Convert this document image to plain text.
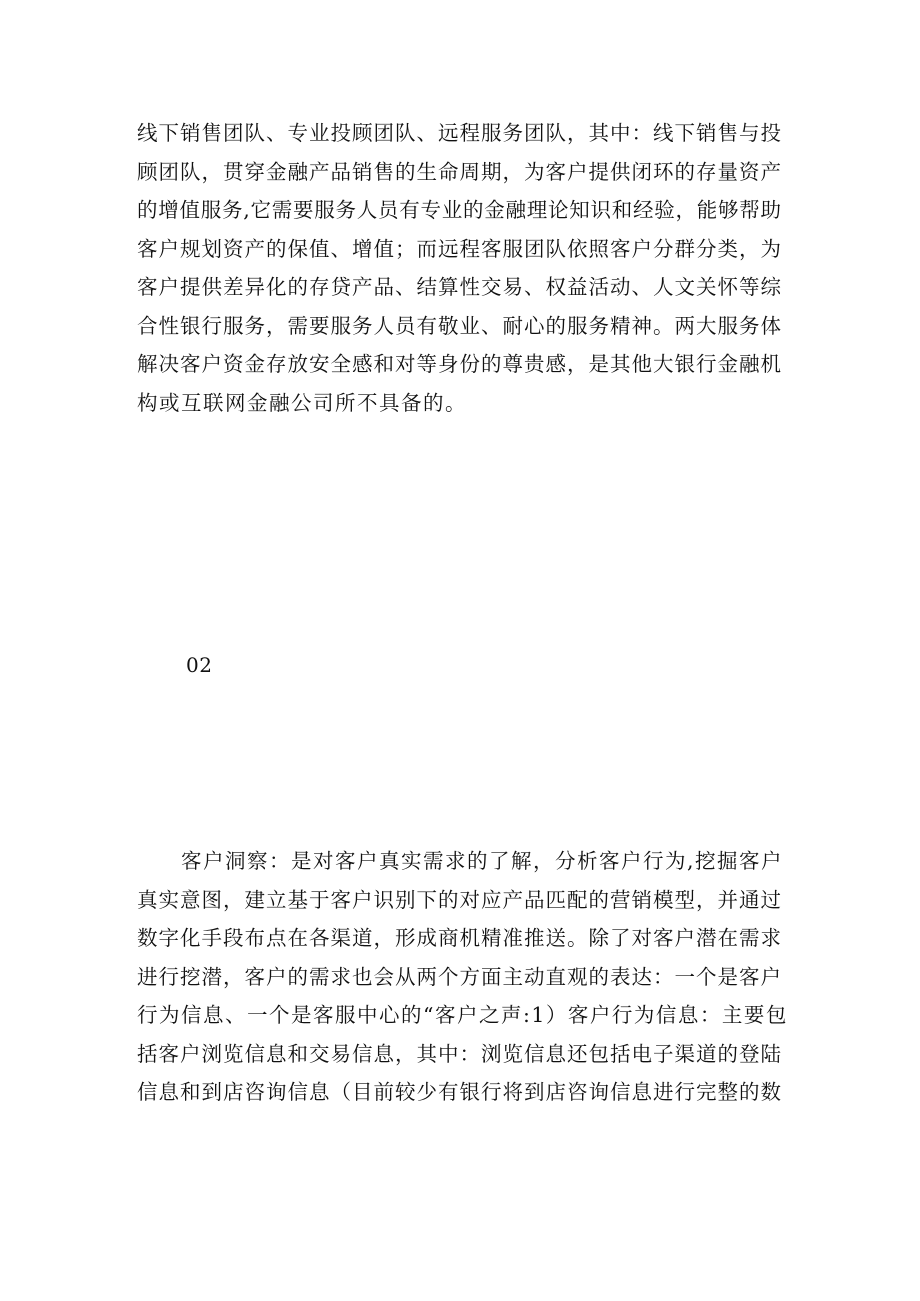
线下销售团队、专业投顾团队、远程服务团队，其中：线下销售与投
顾团队，贯穿金融产品销售的生命周期，为客户提供闭环的存量资产
的增值服务,它需要服务人员有专业的金融理论知识和经验，能够帮助
客户规划资产的保值、增值；而远程客服团队依照客户分群分类，为
客户提供差异化的存贷产品、结算性交易、权益活动、人文关怀等综
合性银行服务，需要服务人员有敬业、耐心的服务精神。两大服务体
解决客户资金存放安全感和对等身份的尊贵感，是其他大银行金融机
构或互联网金融公司所不具备的。

02

　　客户洞察：是对客户真实需求的了解，分析客户行为,挖掘客户
真实意图，建立基于客户识别下的对应产品匹配的营销模型，并通过
数字化手段布点在各渠道，形成商机精准推送。除了对客户潜在需求
进行挖潜，客户的需求也会从两个方面主动直观的表达：一个是客户
行为信息、一个是客服中心的“客户之声:1）客户行为信息：主要包
括客户浏览信息和交易信息，其中：浏览信息还包括电子渠道的登陆
信息和到店咨询信息（目前较少有银行将到店咨询信息进行完整的数
